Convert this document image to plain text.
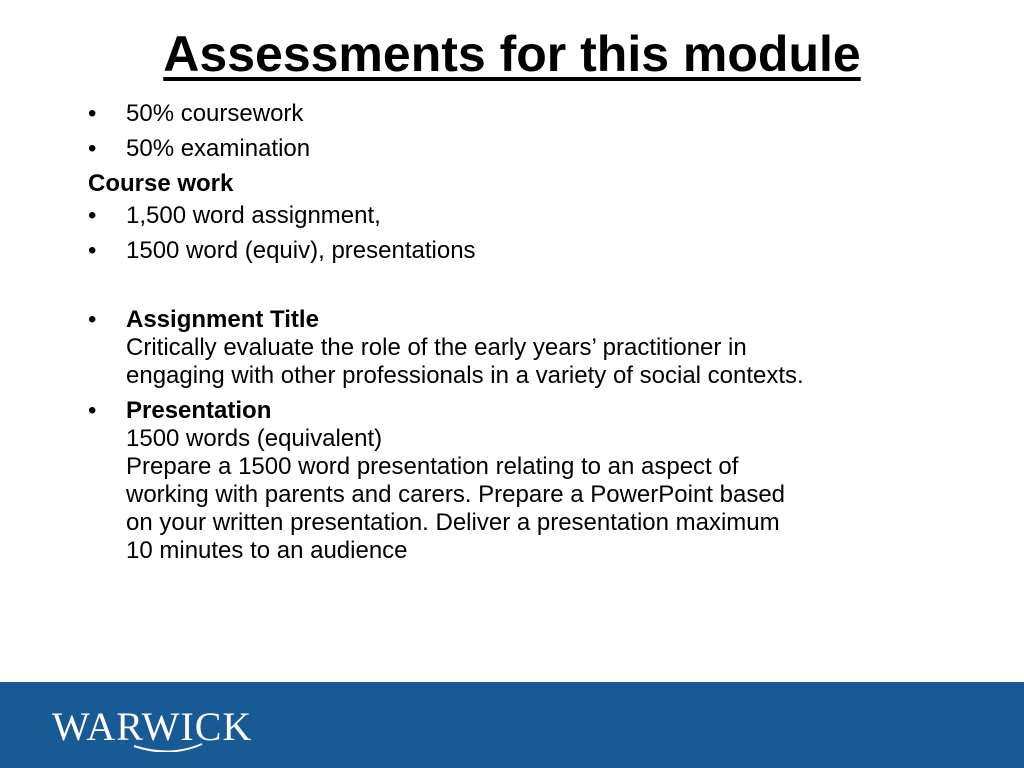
Assessments for this module
• 50% coursework
• 50% examination
Course work
• 1,500 word assignment,
• 1500 word (equiv), presentations
• Assignment Title
Critically evaluate the role of the early years’ practitioner in
engaging with other professionals in a variety of social contexts.
• Presentation
1500 words (equivalent)
Prepare a 1500 word presentation relating to an aspect of
working with parents and carers. Prepare a PowerPoint based
on your written presentation. Deliver a presentation maximum
10 minutes to an audience
WARWICK
